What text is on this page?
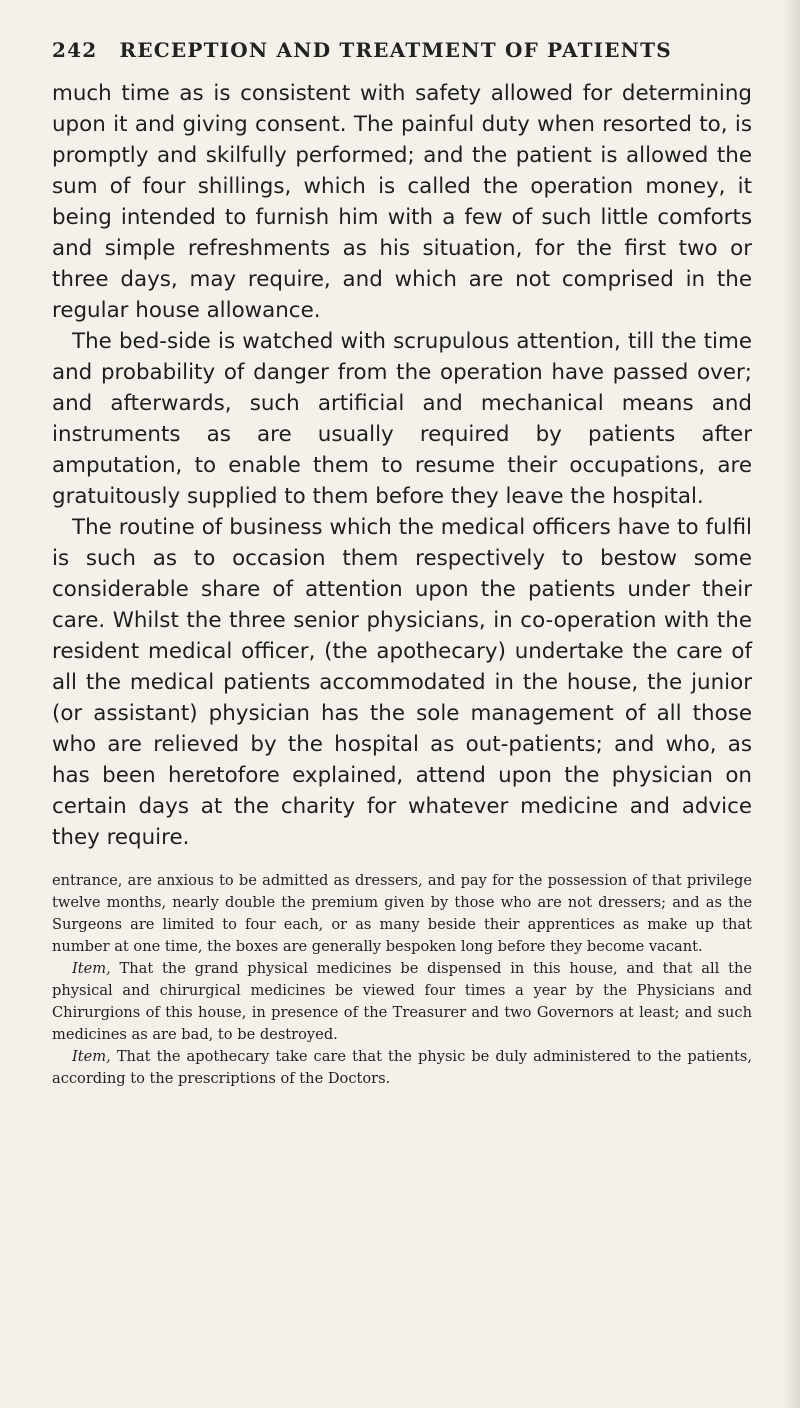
242 RECEPTION AND TREATMENT OF PATIENTS

much time as is consistent with safety allowed for determining upon it and giving consent. The painful duty when resorted to, is promptly and skilfully performed; and the patient is allowed the sum of four shillings, which is called the operation money, it being intended to furnish him with a few of such little comforts and simple refreshments as his situation, for the first two or three days, may require, and which are not comprised in the regular house allowance.

The bed-side is watched with scrupulous attention, till the time and probability of danger from the operation have passed over; and afterwards, such artificial and mechanical means and instruments as are usually required by patients after amputation, to enable them to resume their occupations, are gratuitously supplied to them before they leave the hospital.

The routine of business which the medical officers have to fulfil is such as to occasion them respectively to bestow some considerable share of attention upon the patients under their care. Whilst the three senior physicians, in co-operation with the resident medical officer, (the apothecary) undertake the care of all the medical patients accommodated in the house, the junior (or assistant) physician has the sole management of all those who are relieved by the hospital as out-patients; and who, as has been heretofore explained, attend upon the physician on certain days at the charity for whatever medicine and advice they require.

entrance, are anxious to be admitted as dressers, and pay for the possession of that privilege twelve months, nearly double the premium given by those who are not dressers; and as the Surgeons are limited to four each, or as many beside their apprentices as make up that number at one time, the boxes are generally bespoken long before they become vacant.

Item, That the grand physical medicines be dispensed in this house, and that all the physical and chirurgical medicines be viewed four times a year by the Physicians and Chirurgions of this house, in presence of the Treasurer and two Governors at least; and such medicines as are bad, to be destroyed.

Item, That the apothecary take care that the physic be duly administered to the patients, according to the prescriptions of the Doctors.
